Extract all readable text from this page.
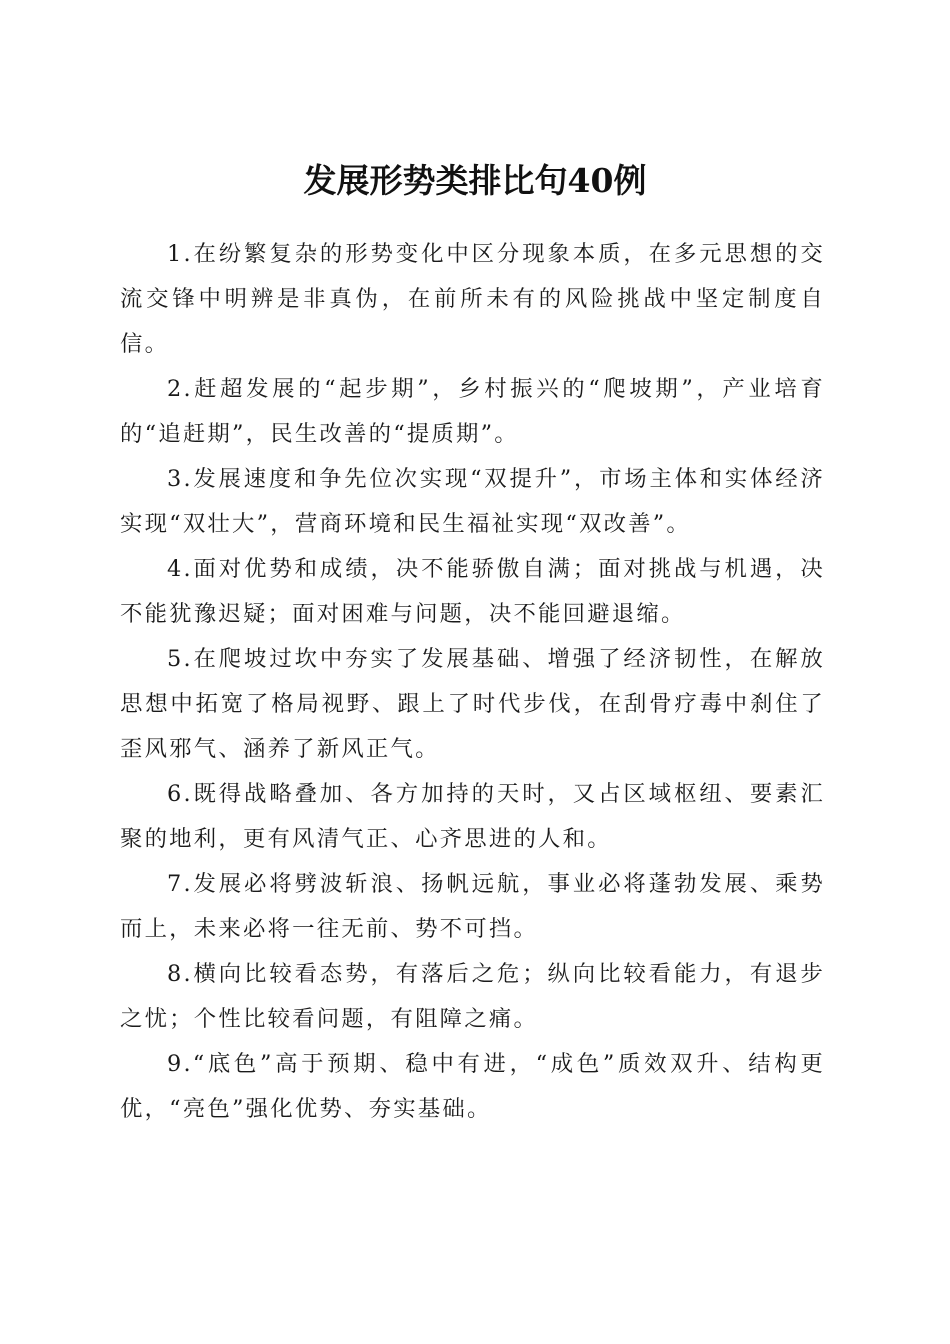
发展形势类排比句40例

1.在纷繁复杂的形势变化中区分现象本质，在多元思想的交流交锋中明辨是非真伪，在前所未有的风险挑战中坚定制度自信。

2.赶超发展的“起步期”，乡村振兴的“爬坡期”，产业培育的“追赶期”，民生改善的“提质期”。

3.发展速度和争先位次实现“双提升”，市场主体和实体经济实现“双壮大”，营商环境和民生福祉实现“双改善”。

4.面对优势和成绩，决不能骄傲自满；面对挑战与机遇，决不能犹豫迟疑；面对困难与问题，决不能回避退缩。

5.在爬坡过坎中夯实了发展基础、增强了经济韧性，在解放思想中拓宽了格局视野、跟上了时代步伐，在刮骨疗毒中刹住了歪风邪气、涵养了新风正气。

6.既得战略叠加、各方加持的天时，又占区域枢纽、要素汇聚的地利，更有风清气正、心齐思进的人和。

7.发展必将劈波斩浪、扬帆远航，事业必将蓬勃发展、乘势而上，未来必将一往无前、势不可挡。

8.横向比较看态势，有落后之危；纵向比较看能力，有退步之忧；个性比较看问题，有阻障之痛。

9.“底色”高于预期、稳中有进，“成色”质效双升、结构更优，“亮色”强化优势、夯实基础。
